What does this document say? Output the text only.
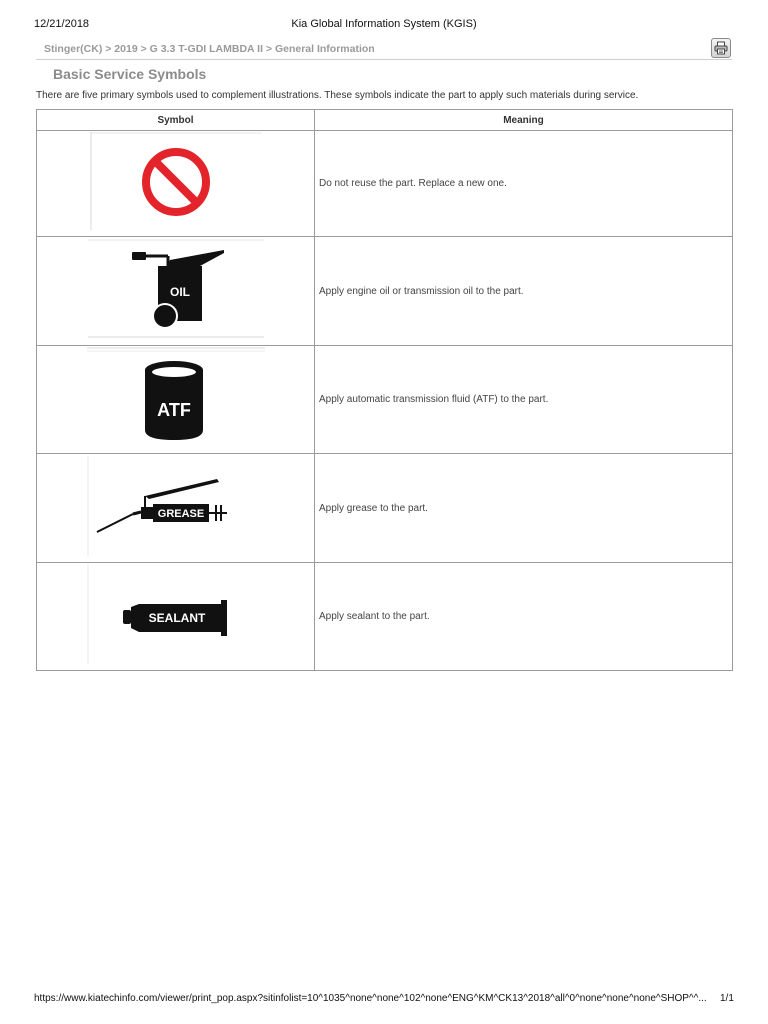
12/21/2018	Kia Global Information System (KGIS)
Stinger(CK) > 2019 > G 3.3 T-GDI LAMBDA II > General Information
Basic Service Symbols
There are five primary symbols used to complement illustrations. These symbols indicate the part to apply such materials during service.
Symbol	Meaning

	Do not reuse the part. Replace a new one.

OIL	Apply engine oil or transmission oil to the part.

ATF	Apply automatic transmission fluid (ATF) to the part.

GREASE	Apply grease to the part.

SEALANT	Apply sealant to the part.
https://www.kiatechinfo.com/viewer/print_pop.aspx?sitinfolist=10^1035^none^none^102^none^ENG^KM^CK13^2018^all^0^none^none^none^SHOP^^...	1/1
